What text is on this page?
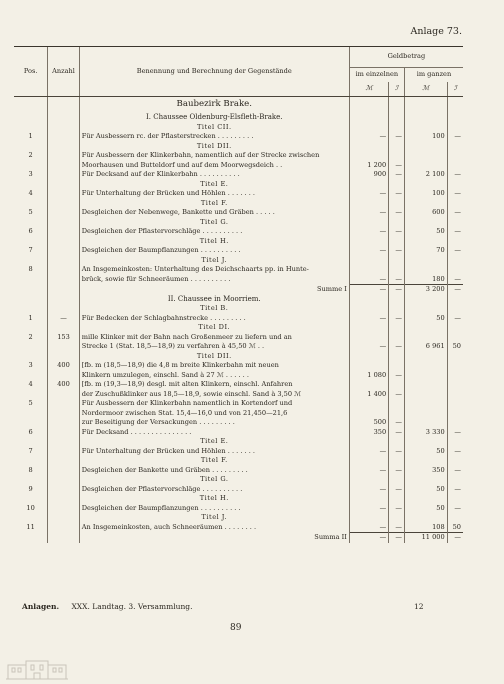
Anlage 73.
Pos.	Anzahl	Benennung und Berechnung der Gegenstände	Geldbetrag			
			im einzelnen		im ganzen	
			ℳ	ℐ	ℳ	ℐ
		Baubezirk Brake.				
		I. Chaussee Oldenburg-Elsfleth-Brake.				
		Titel CII.				
1		Für Ausbessern rc. der Pflasterstrecken . . . . . . . . .	—	—	100	—
		Titel DII.				
2		Für Ausbessern der Klinkerbahn, namentlich auf der Strecke zwischen				
		Moorhausen und Butteldorf und auf dem Moorwegsdeich . .	1 200	—		
3		Für Decksand auf der Klinkerbahn . . . . . . . . . .	900	—	2 100	—
		Titel E.				
4		Für Unterhaltung der Brücken und Höhlen . . . . . . .	—	—	100	—
		Titel F.				
5		Desgleichen der Nebenwege, Bankette und Gräben . . . . .	—	—	600	—
		Titel G.				
6		Desgleichen der Pflastervorschläge . . . . . . . . . .	—	—	50	—
		Titel H.				
7		Desgleichen der Baumpflanzungen . . . . . . . . . .	—	—	70	—
		Titel J.				
8		An Insgemeinkosten: Unterhaltung des Deichschaarts pp. in Hunte-				
		brück, sowie für Schneeräumen . . . . . . . . . .	—	—	180	—
		Summe I	—	—	3 200	—
		II. Chaussee in Moorriem.				
		Titel B.				
1	—	Für Bedecken der Schlagbahnstrecke . . . . . . . . .	—	—	50	—
		Titel DI.				
2	153	mille Klinker mit der Bahn nach Großenmeer zu liefern und an				
		Strecke 1 (Stat. 18,5—18,9) zu verfahren à 45,50 ℳ . .	—	—	6 961	50
		Titel DII.				
3	400	[fb. m (18,5—18,9) die 4,8 m breite Klinkerbahn mit neuen				
		Klinkern umzulegen, einschl. Sand à 27 ℳ . . . . . .	1 080	—		
4	400	[fb. m (19,3—18,9) desgl. mit alten Klinkern, einschl. Anfahren				
		der Zuschußklinker aus 18,5—18,9, sowie einschl. Sand à 3,50 ℳ	1 400	—		
5		Für Ausbessern der Klinkerbahn namentlich in Kortendorf und				
		Nordermoor zwischen Stat. 15,4—16,0 und von 21,450—21,6				
		zur Beseitigung der Versackungen . . . . . . . . .	500	—		
6		Für Decksand . . . . . . . . . . . . . . .	350	—	3 330	—
		Titel E.				
7		Für Unterhaltung der Brücken und Höhlen . . . . . . .	—	—	50	—
		Titel F.				
8		Desgleichen der Bankette und Gräben . . . . . . . . .	—	—	350	—
		Titel G.				
9		Desgleichen der Pflastervorschläge . . . . . . . . . .	—	—	50	—
		Titel H.				
10		Desgleichen der Baumpflanzungen . . . . . . . . . .	—	—	50	—
		Titel J.				
11		An Insgemeinkosten, auch Schneeräumen . . . . . . . .	—	—	108	50
		Summa II	—	—	11 000	—
Anlagen. XXX. Landtag. 3. Versammlung.	12
89
